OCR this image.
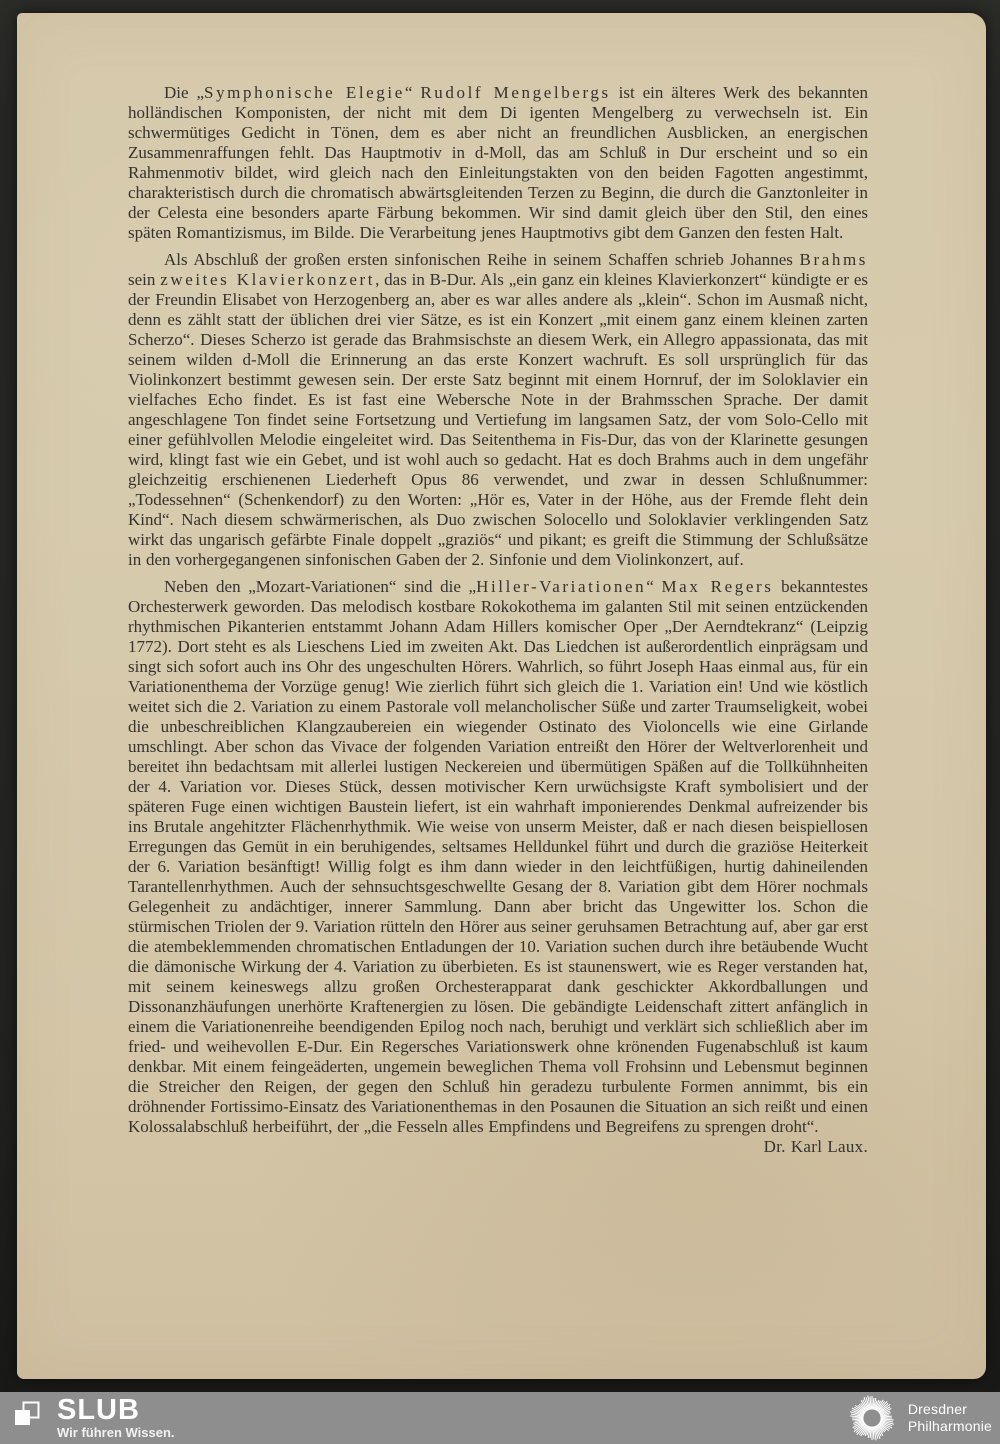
Die „Symphonische Elegie“ Rudolf Mengelbergs ist ein älteres Werk des bekannten holländischen Komponisten, der nicht mit dem Di igenten Mengelberg zu verwechseln ist. Ein schwermütiges Gedicht in Tönen, dem es aber nicht an freundlichen Ausblicken, an energischen Zusammenraffungen fehlt. Das Hauptmotiv in d-Moll, das am Schluß in Dur erscheint und so ein Rahmenmotiv bildet, wird gleich nach den Einleitungstakten von den beiden Fagotten angestimmt, charakteristisch durch die chromatisch abwärtsgleitenden Terzen zu Beginn, die durch die Ganztonleiter in der Celesta eine besonders aparte Färbung bekommen. Wir sind damit gleich über den Stil, den eines späten Romantizismus, im Bilde. Die Verarbeitung jenes Hauptmotivs gibt dem Ganzen den festen Halt.

Als Abschluß der großen ersten sinfonischen Reihe in seinem Schaffen schrieb Johannes Brahms sein zweites Klavierkonzert, das in B-Dur. Als „ein ganz ein kleines Klavierkonzert“ kündigte er es der Freundin Elisabet von Herzogenberg an, aber es war alles andere als „klein“. Schon im Ausmaß nicht, denn es zählt statt der üblichen drei vier Sätze, es ist ein Konzert „mit einem ganz einem kleinen zarten Scherzo“. Dieses Scherzo ist gerade das Brahmsischste an diesem Werk, ein Allegro appassionata, das mit seinem wilden d-Moll die Erinnerung an das erste Konzert wachruft. Es soll ursprünglich für das Violinkonzert bestimmt gewesen sein. Der erste Satz beginnt mit einem Hornruf, der im Soloklavier ein vielfaches Echo findet. Es ist fast eine Webersche Note in der Brahmsschen Sprache. Der damit angeschlagene Ton findet seine Fortsetzung und Vertiefung im langsamen Satz, der vom Solo-Cello mit einer gefühlvollen Melodie eingeleitet wird. Das Seitenthema in Fis-Dur, das von der Klarinette gesungen wird, klingt fast wie ein Gebet, und ist wohl auch so gedacht. Hat es doch Brahms auch in dem ungefähr gleichzeitig erschienenen Liederheft Opus 86 verwendet, und zwar in dessen Schlußnummer: „Todessehnen“ (Schenkendorf) zu den Worten: „Hör es, Vater in der Höhe, aus der Fremde fleht dein Kind“. Nach diesem schwärmerischen, als Duo zwischen Solocello und Soloklavier verklingenden Satz wirkt das ungarisch gefärbte Finale doppelt „graziös“ und pikant; es greift die Stimmung der Schlußsätze in den vorhergegangenen sinfonischen Gaben der 2. Sinfonie und dem Violinkonzert, auf.

Neben den „Mozart-Variationen“ sind die „Hiller-Variationen“ Max Regers bekanntestes Orchesterwerk geworden. Das melodisch kostbare Rokokothema im galanten Stil mit seinen entzückenden rhythmischen Pikanterien entstammt Johann Adam Hillers komischer Oper „Der Aerndtekranz“ (Leipzig 1772). Dort steht es als Lieschens Lied im zweiten Akt. Das Liedchen ist außerordentlich einprägsam und singt sich sofort auch ins Ohr des ungeschulten Hörers. Wahrlich, so führt Joseph Haas einmal aus, für ein Variationenthema der Vorzüge genug! Wie zierlich führt sich gleich die 1. Variation ein! Und wie köstlich weitet sich die 2. Variation zu einem Pastorale voll melancholischer Süße und zarter Traumseligkeit, wobei die unbeschreiblichen Klangzaubereien ein wiegender Ostinato des Violoncells wie eine Girlande umschlingt. Aber schon das Vivace der folgenden Variation entreißt den Hörer der Weltverlorenheit und bereitet ihn bedachtsam mit allerlei lustigen Neckereien und übermütigen Späßen auf die Tollkühnheiten der 4. Variation vor. Dieses Stück, dessen motivischer Kern urwüchsigste Kraft symbolisiert und der späteren Fuge einen wichtigen Baustein liefert, ist ein wahrhaft imponierendes Denkmal aufreizender bis ins Brutale angehitzter Flächenrhythmik. Wie weise von unserm Meister, daß er nach diesen beispiellosen Erregungen das Gemüt in ein beruhigendes, seltsames Helldunkel führt und durch die graziöse Heiterkeit der 6. Variation besänftigt! Willig folgt es ihm dann wieder in den leichtfüßigen, hurtig dahineilenden Tarantellenrhythmen. Auch der sehnsuchtsgeschwellte Gesang der 8. Variation gibt dem Hörer nochmals Gelegenheit zu andächtiger, innerer Sammlung. Dann aber bricht das Ungewitter los. Schon die stürmischen Triolen der 9. Variation rütteln den Hörer aus seiner geruhsamen Betrachtung auf, aber gar erst die atembeklemmenden chromatischen Entladungen der 10. Variation suchen durch ihre betäubende Wucht die dämonische Wirkung der 4. Variation zu überbieten. Es ist staunenswert, wie es Reger verstanden hat, mit seinem keineswegs allzu großen Orchesterapparat dank geschickter Akkordballungen und Dissonanzhäufungen unerhörte Kraftenergien zu lösen. Die gebändigte Leidenschaft zittert anfänglich in einem die Variationenreihe beendigenden Epilog noch nach, beruhigt und verklärt sich schließlich aber im fried- und weihevollen E-Dur. Ein Regersches Variationswerk ohne krönenden Fugenabschluß ist kaum denkbar. Mit einem feingeäderten, ungemein beweglichen Thema voll Frohsinn und Lebensmut beginnen die Streicher den Reigen, der gegen den Schluß hin geradezu turbulente Formen annimmt, bis ein dröhnender Fortissimo-Einsatz des Variationenthemas in den Posaunen die Situation an sich reißt und einen Kolossalabschluß herbeiführt, der „die Fesseln alles Empfindens und Begreifens zu sprengen droht“.
Dr. Karl Laux.

SLUB
Wir führen Wissen.
Dresdner
Philharmonie
